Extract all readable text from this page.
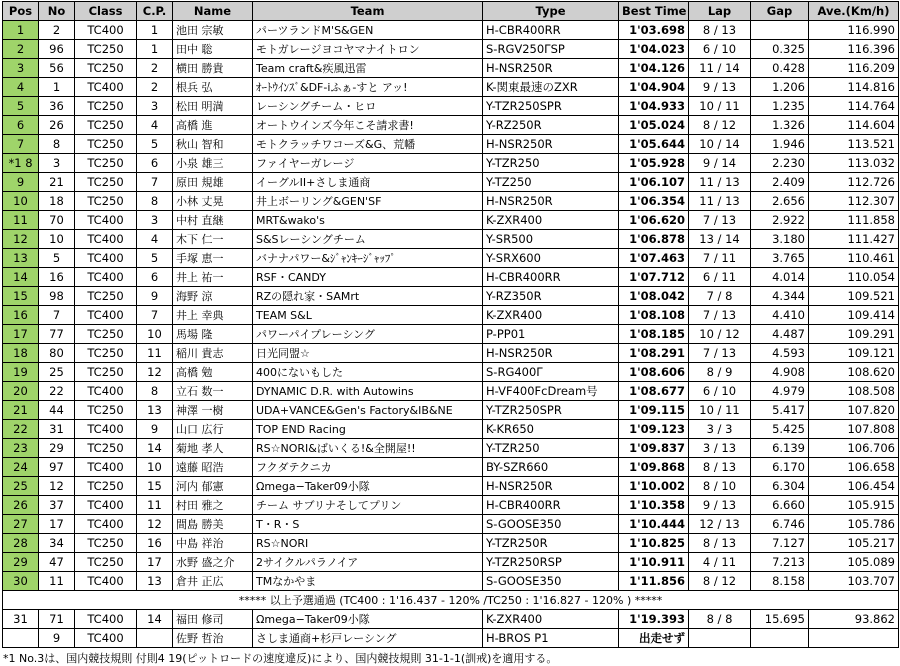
Pos	No	Class	C.P.	Name	Team	Type	Best Time	Lap	Gap	Ave.(Km/h)
1	2	TC400	1	池田 宗敏	パーツランドM'S&GEN	H-CBR400RR	1'03.698	8 / 13		116.990
2	96	TC250	1	田中 聡	モトガレージヨコヤマナイトロン	S-RGV250ΓSP	1'04.023	6 / 10	0.325	116.396
3	56	TC250	2	横田 勝貴	Team craft&疾風迅雷	H-NSR250R	1'04.126	11 / 14	0.428	116.209
4	1	TC400	2	根兵 弘	ｵｰﾄｳｲﾝｽﾞ&DF-iふぁ-すと アッ!	K-関東最速のZXR	1'04.904	9 / 13	1.206	114.816
5	36	TC250	3	松田 明満	レーシングチーム・ヒロ	Y-TZR250SPR	1'04.933	10 / 11	1.235	114.764
6	26	TC250	4	高橋 進	オートウインズ今年こそ請求書!	Y-RZ250R	1'05.024	8 / 12	1.326	114.604
7	8	TC250	5	秋山 智和	モトクラッチワコーズ&G、荒幡	H-NSR250R	1'05.644	10 / 14	1.946	113.521
*1 8	3	TC250	6	小泉 雄三	ファイヤーガレージ	Y-TZR250	1'05.928	9 / 14	2.230	113.032
9	21	TC250	7	原田 規雄	イーグルII+さしま通商	Y-TZ250	1'06.107	11 / 13	2.409	112.726
10	18	TC250	8	小林 丈晃	井上ボーリング&GEN'SF	H-NSR250R	1'06.354	11 / 13	2.656	112.307
11	70	TC400	3	中村 直継	MRT&wako's	K-ZXR400	1'06.620	7 / 13	2.922	111.858
12	10	TC400	4	木下 仁一	S&Sレーシングチーム	Y-SR500	1'06.878	13 / 14	3.180	111.427
13	5	TC400	5	手塚 恵一	バナナパワー&ｼﾞｬﾝｷｰｼﾞｬｯﾌﾟ	Y-SRX600	1'07.463	7 / 11	3.765	110.461
14	16	TC400	6	井上 祐一	RSF・CANDY	H-CBR400RR	1'07.712	6 / 11	4.014	110.054
15	98	TC250	9	海野 涼	RZの隠れ家・SAMrt	Y-RZ350R	1'08.042	7 / 8	4.344	109.521
16	7	TC400	7	井上 幸典	TEAM S&L	K-ZXR400	1'08.108	7 / 13	4.410	109.414
17	77	TC250	10	馬場 隆	パワーパイプレーシング	P-PP01	1'08.185	10 / 12	4.487	109.291
18	80	TC250	11	稲川 貴志	日光同盟☆	H-NSR250R	1'08.291	7 / 13	4.593	109.121
19	25	TC250	12	高橋 勉	400にないもした	S-RG400Γ	1'08.606	8 / 9	4.908	108.620
20	22	TC400	8	立石 数一	DYNAMIC D.R. with Autowins	H-VF400FcDream号	1'08.677	6 / 10	4.979	108.508
21	44	TC250	13	神澤 一樹	UDA+VANCE&Gen's Factory&IB&NE	Y-TZR250SPR	1'09.115	10 / 11	5.417	107.820
22	31	TC400	9	山口 広行	TOP END Racing	K-KR650	1'09.123	3 / 3	5.425	107.808
23	29	TC250	14	菊地 孝人	RS☆NORI&ばいくる!&全開屋!!	Y-TZR250	1'09.837	3 / 13	6.139	106.706
24	97	TC400	10	遠藤 昭浩	フクダテクニカ	BY-SZR660	1'09.868	8 / 13	6.170	106.658
25	12	TC250	15	河内 郁憲	Ωmega−Taker09小隊	H-NSR250R	1'10.002	8 / 10	6.304	106.454
26	37	TC400	11	村田 雅之	チーム サブリナそしてプリン	H-CBR400RR	1'10.358	9 / 13	6.660	105.915
27	17	TC400	12	間島 勝美	T・R・S	S-GOOSE350	1'10.444	12 / 13	6.746	105.786
28	34	TC250	16	中島 祥治	RS☆NORI	Y-TZR250R	1'10.825	8 / 13	7.127	105.217
29	47	TC250	17	水野 盛之介	2サイクルパラノイア	Y-TZR250RSP	1'10.911	4 / 11	7.213	105.089
30	11	TC400	13	倉井 正広	TMなかやま	S-GOOSE350	1'11.856	8 / 12	8.158	103.707
***** 以上予選通過 (TC400 : 1'16.437 - 120% /TC250 : 1'16.827 - 120% ) *****										
31	71	TC400	14	福田 修司	Ωmega−Taker09小隊	K-ZXR400	1'19.393	8 / 8	15.695	93.862
	9	TC400		佐野 哲治	さしま通商+杉戸レーシング	H-BROS P1	出走せず			
*1 No.3は、国内競技規則 付則4 19(ピットロードの速度違反)により、国内競技規則 31-1-1(訓戒)を適用する。
